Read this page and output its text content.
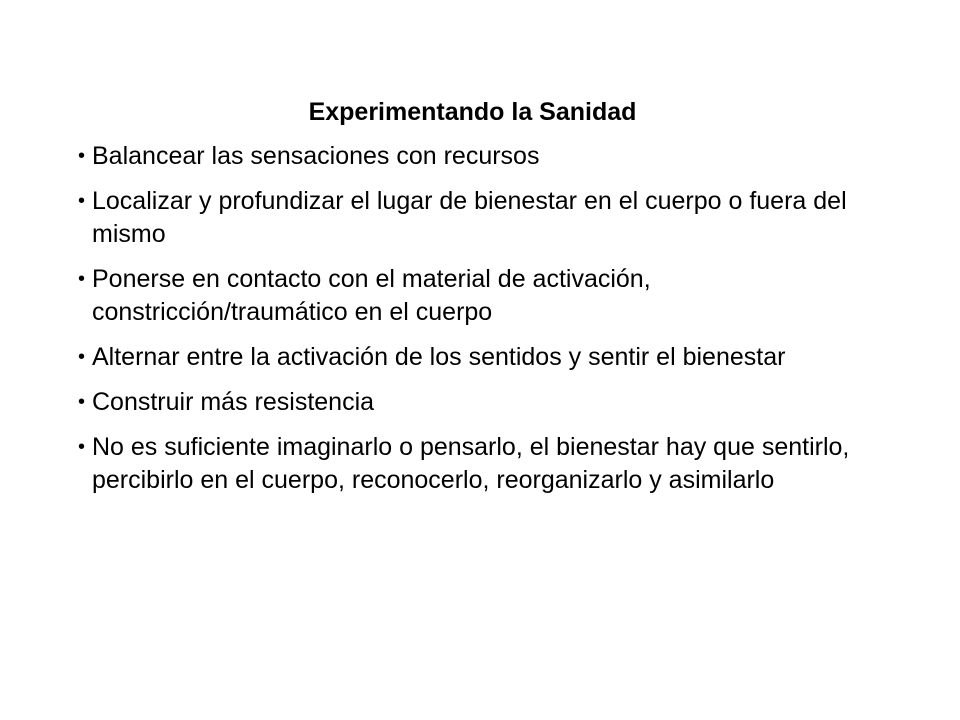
Experimentando la Sanidad
• Balancear las sensaciones con recursos
• Localizar y profundizar el lugar de bienestar en el cuerpo o fuera del mismo
• Ponerse en contacto con el material de activación, constricción/traumático en el cuerpo
• Alternar entre la activación de los sentidos y sentir el bienestar
• Construir más resistencia
• No es suficiente imaginarlo o pensarlo, el bienestar hay que sentirlo, percibirlo en el cuerpo, reconocerlo, reorganizarlo y asimilarlo
